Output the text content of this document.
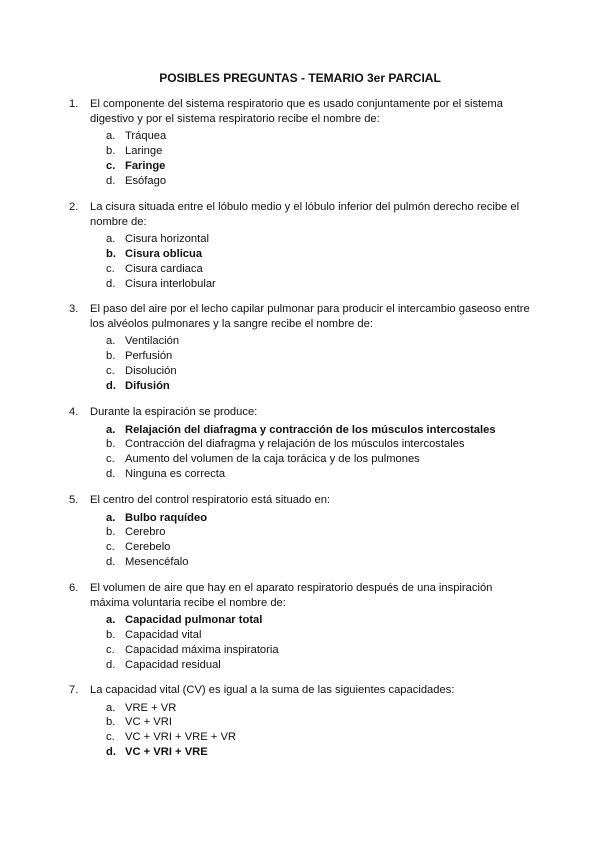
POSIBLES PREGUNTAS - TEMARIO 3er PARCIAL
1. El componente del sistema respiratorio que es usado conjuntamente por el sistema digestivo y por el sistema respiratorio recibe el nombre de:
a. Tráquea
b. Laringe
c. Faringe
d. Esófago
2. La cisura situada entre el lóbulo medio y el lóbulo inferior del pulmón derecho recibe el nombre de:
a. Cisura horizontal
b. Cisura oblicua
c. Cisura cardiaca
d. Cisura interlobular
3. El paso del aire por el lecho capilar pulmonar para producir el intercambio gaseoso entre los alvéolos pulmonares y la sangre recibe el nombre de:
a. Ventilación
b. Perfusión
c. Disolución
d. Difusión
4. Durante la espiración se produce:
a. Relajación del diafragma y contracción de los músculos intercostales
b. Contracción del diafragma y relajación de los músculos intercostales
c. Aumento del volumen de la caja torácica y de los pulmones
d. Ninguna es correcta
5. El centro del control respiratorio está situado en:
a. Bulbo raquídeo
b. Cerebro
c. Cerebelo
d. Mesencéfalo
6. El volumen de aire que hay en el aparato respiratorio después de una inspiración máxima voluntaria recibe el nombre de:
a. Capacidad pulmonar total
b. Capacidad vital
c. Capacidad máxima inspiratoria
d. Capacidad residual
7. La capacidad vital (CV) es igual a la suma de las siguientes capacidades:
a. VRE + VR
b. VC + VRI
c. VC + VRI + VRE + VR
d. VC + VRI + VRE
